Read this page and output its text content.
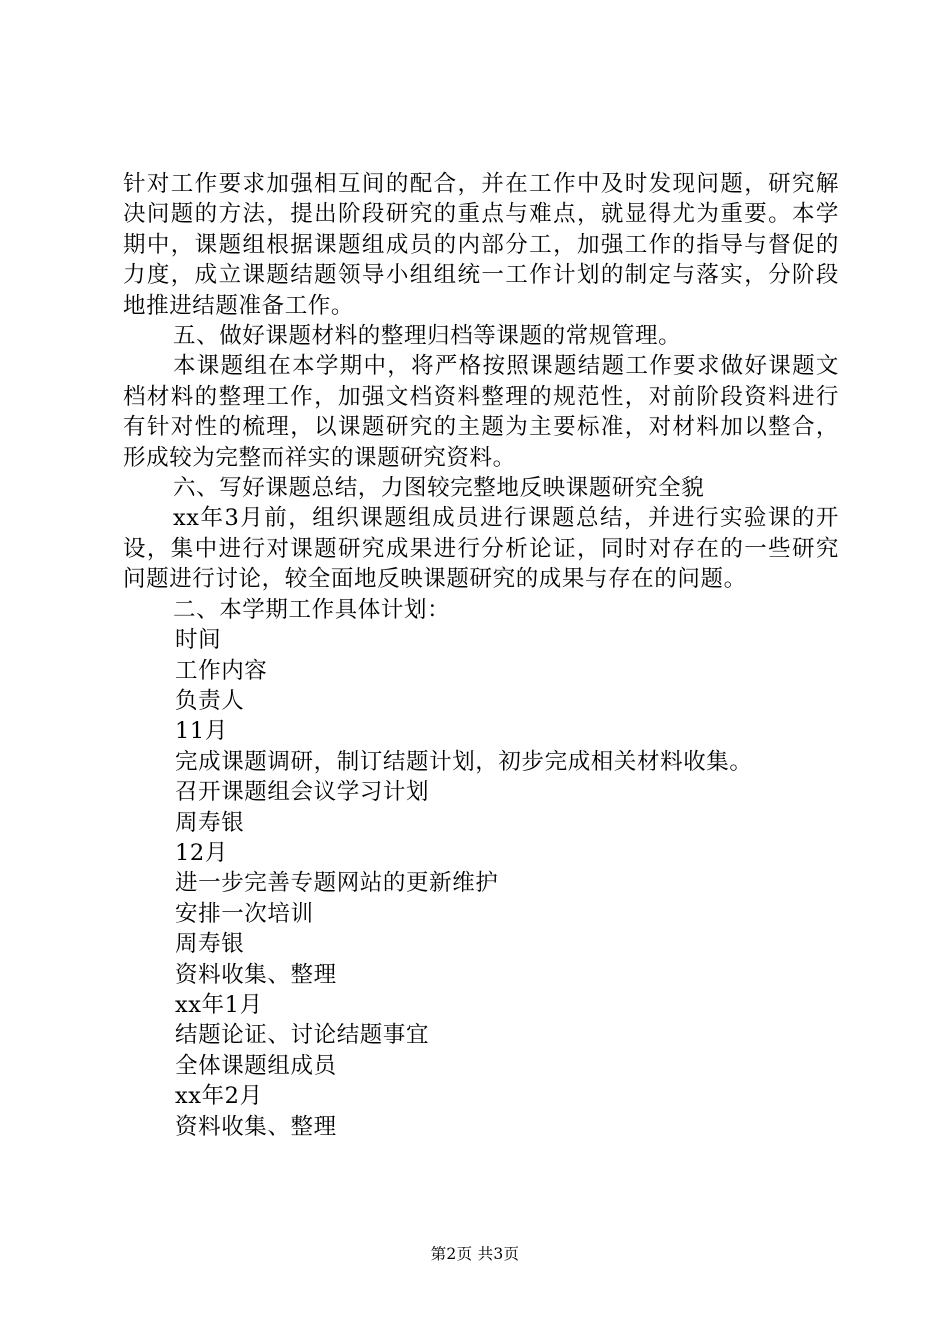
针对工作要求加强相互间的配合，并在工作中及时发现问题，研究解决问题的方法，提出阶段研究的重点与难点，就显得尤为重要。本学期中，课题组根据课题组成员的内部分工，加强工作的指导与督促的力度，成立课题结题领导小组组统一工作计划的制定与落实，分阶段地推进结题准备工作。

五、做好课题材料的整理归档等课题的常规管理。

本课题组在本学期中，将严格按照课题结题工作要求做好课题文档材料的整理工作，加强文档资料整理的规范性，对前阶段资料进行有针对性的梳理，以课题研究的主题为主要标准，对材料加以整合，形成较为完整而祥实的课题研究资料。

六、写好课题总结，力图较完整地反映课题研究全貌

xx年3月前，组织课题组成员进行课题总结，并进行实验课的开设，集中进行对课题研究成果进行分析论证，同时对存在的一些研究问题进行讨论，较全面地反映课题研究的成果与存在的问题。

二、本学期工作具体计划：

时间

工作内容

负责人

11月

完成课题调研，制订结题计划，初步完成相关材料收集。

召开课题组会议学习计划

周寿银

12月

进一步完善专题网站的更新维护

安排一次培训

周寿银

资料收集、整理

xx年1月

结题论证、讨论结题事宜

全体课题组成员

xx年2月

资料收集、整理

第2页 共3页
